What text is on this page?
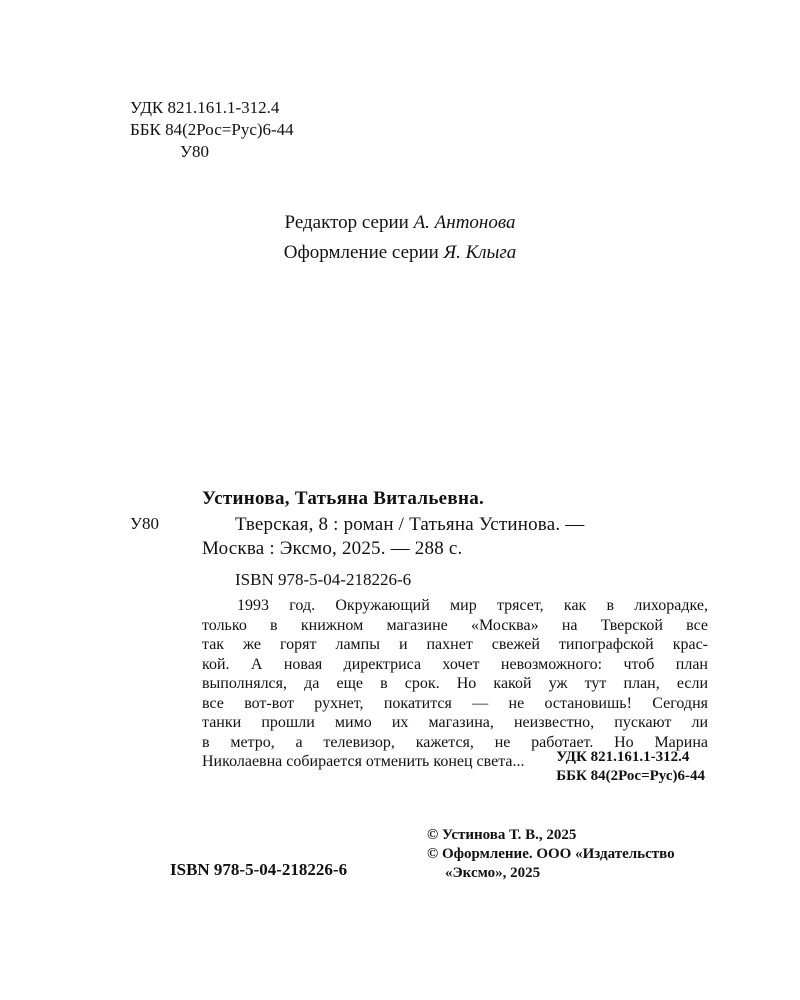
УДК 821.161.1-312.4
ББК 84(2Рос=Рус)6-44
У80
Редактор серии А. Антонова
Оформление серии Я. Клыга
Устинова, Татьяна Витальевна.
У80	Тверская, 8 : роман / Татьяна Устинова. —
Москва : Эксмо, 2025. — 288 с.
ISBN 978-5-04-218226-6
1993 год. Окружающий мир трясет, как в лихорадке,
только в книжном магазине «Москва» на Тверской все
так же горят лампы и пахнет свежей типографской крас-
кой. А новая директриса хочет невозможного: чтоб план
выполнялся, да еще в срок. Но какой уж тут план, если
все вот-вот рухнет, покатится — не остановишь! Сегодня
танки прошли мимо их магазина, неизвестно, пускают ли
в метро, а телевизор, кажется, не работает. Но Марина
Николаевна собирается отменить конец света...	УДК 821.161.1-312.4
ББК 84(2Рос=Рус)6-44
© Устинова Т. В., 2025
© Оформление. ООО «Издательство
«Эксмо», 2025
ISBN 978-5-04-218226-6
